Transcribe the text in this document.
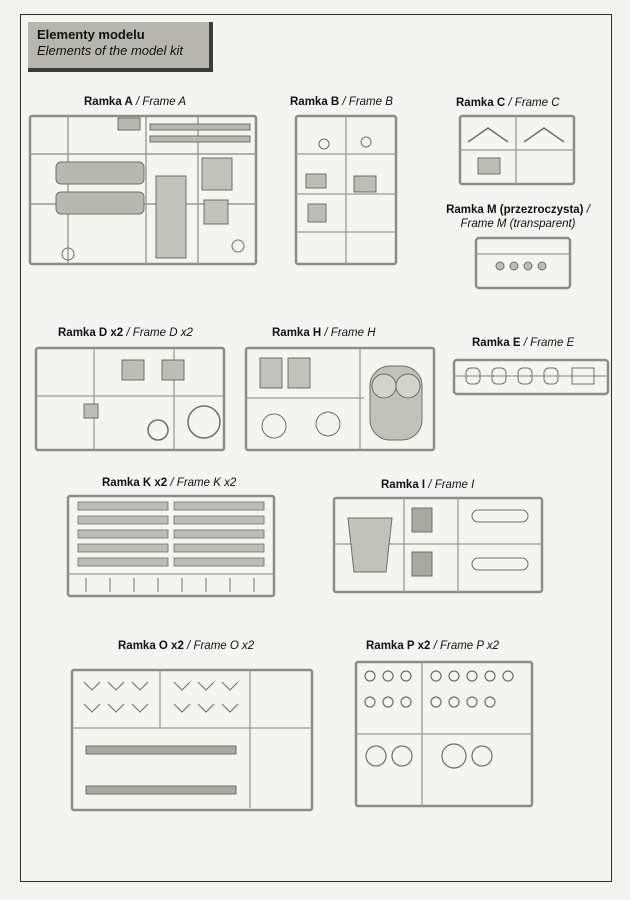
Elementy modelu
Elements of the model kit
Ramka A / Frame A	Ramka B / Frame B	Ramka C / Frame C
Ramka M (przezroczysta) /
Frame M (transparent)
Ramka D x2 / Frame D x2	Ramka H / Frame H
Ramka E / Frame E
Ramka K x2 / Frame K x2	Ramka I / Frame I
Ramka O x2 / Frame O x2	Ramka P x2 / Frame P x2
